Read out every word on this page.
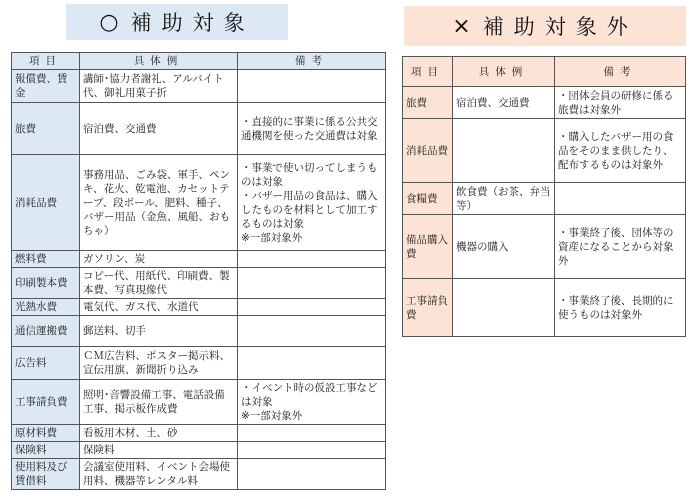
○ 補助対象	× 補助対象外
項目	具体例	備考
報償費、賃金	講師･協力者謝礼、アルバイト代、御礼用菓子折	
旅費	宿泊費、交通費	・直接的に事業に係る公共交通機関を使った交通費は対象
消耗品費	事務用品、ごみ袋、軍手、ペンキ、花火、乾電池、カセットテープ、段ボール、肥料、種子、バザー用品（金魚、風船、おもちゃ）	・事業で使い切ってしまうものは対象
・バザー用品の食品は、購入したものを材料として加工するものは対象
※一部対象外

燃料費	ガソリン、炭	
印刷製本費	コピー代、用紙代、印刷費、製本費、写真現像代	
光熱水費	電気代、ガス代、水道代	
通信運搬費	郵送料、切手	
広告料	ＣＭ広告料、ポスター掲示料、宣伝用旗、新聞折り込み	
工事請負費	照明･音響設備工事、電話設備工事、掲示板作成費	・イベント時の仮設工事などは対象
※一部対象外

原材料費	看板用木材、土、砂	
保険料	保険料	
使用料及び賃借料	会議室使用料、イベント会場使用料、機器等レンタル料	
項目	具体例	備考
旅費	宿泊費、交通費	・団体会員の研修に係る旅費は対象外
消耗品費		・購入したバザー用の食品をそのまま供したり、配布するものは対象外
食糧費	飲食費（お茶、弁当等）	
備品購入費	機器の購入	・事業終了後、団体等の資産になることから対象外
工事請負費		・事業終了後、長期的に使うものは対象外
